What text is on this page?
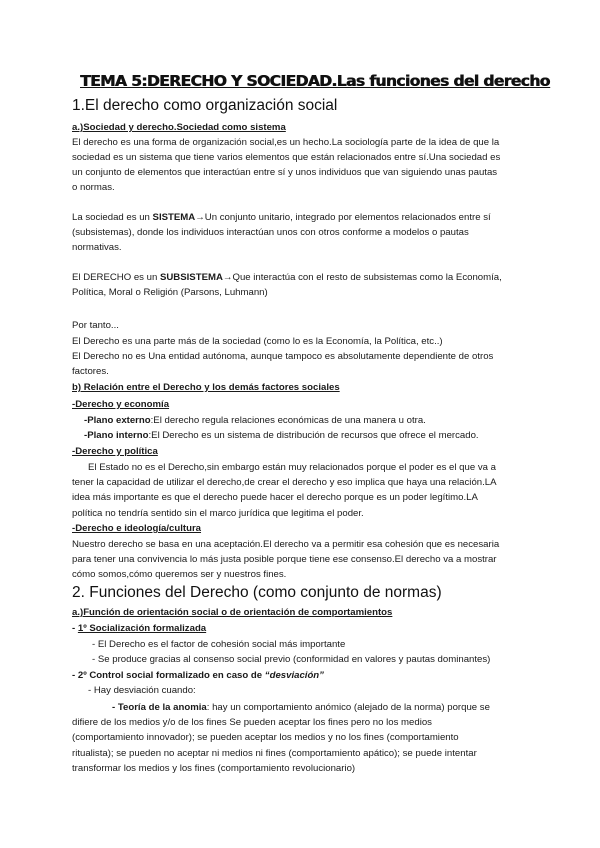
TEMA 5:DERECHO Y SOCIEDAD.Las funciones del derecho
1.El derecho como organización social
a.)Sociedad y derecho.Sociedad como sistema
El derecho es una forma de organización social,es un hecho.La sociología parte de la idea de que la
sociedad es un sistema que tiene varios elementos que están relacionados entre sí.Una sociedad es
un conjunto de elementos que interactúan entre sí y unos individuos que van siguiendo unas pautas
o normas.
La sociedad es un SISTEMA→Un conjunto unitario, integrado por elementos relacionados entre sí
(subsistemas), donde los individuos interactúan unos con otros conforme a modelos o pautas
normativas.
El DERECHO es un SUBSISTEMA→Que interactúa con el resto de subsistemas como la Economía,
Política, Moral o Religión (Parsons, Luhmann)
Por tanto...
El Derecho es una parte más de la sociedad (como lo es la Economía, la Política, etc..)
El Derecho no es Una entidad autónoma, aunque tampoco es absolutamente dependiente de otros
factores.
b) Relación entre el Derecho y los demás factores sociales
-Derecho y economía
-Plano externo:El derecho regula relaciones económicas de una manera u otra.
-Plano interno:El Derecho es un sistema de distribución de recursos que ofrece el mercado.
-Derecho y política
El Estado no es el Derecho,sin embargo están muy relacionados porque el poder es el que va a
tener la capacidad de utilizar el derecho,de crear el derecho y eso implica que haya una relación.LA
idea más importante es que el derecho puede hacer el derecho porque es un poder legítimo.LA
política no tendría sentido sin el marco jurídica que legitima el poder.
-Derecho e ideología/cultura
Nuestro derecho se basa en una aceptación.El derecho va a permitir esa cohesión que es necesaria
para tener una convivencia lo más justa posible porque tiene ese consenso.El derecho va a mostrar
cómo somos,cómo queremos ser y nuestros fines.
2. Funciones del Derecho (como conjunto de normas)
a.)Función de orientación social o de orientación de comportamientos
- 1º Socialización formalizada
- El Derecho es el factor de cohesión social más importante
- Se produce gracias al consenso social previo (conformidad en valores y pautas dominantes)
- 2º Control social formalizado en caso de “desviación”
- Hay desviación cuando:
- Teoría de la anomia: hay un comportamiento anómico (alejado de la norma) porque se
difiere de los medios y/o de los fines Se pueden aceptar los fines pero no los medios
(comportamiento innovador); se pueden aceptar los medios y no los fines (comportamiento
ritualista); se pueden no aceptar ni medios ni fines (comportamiento apático); se puede intentar
transformar los medios y los fines (comportamiento revolucionario)
